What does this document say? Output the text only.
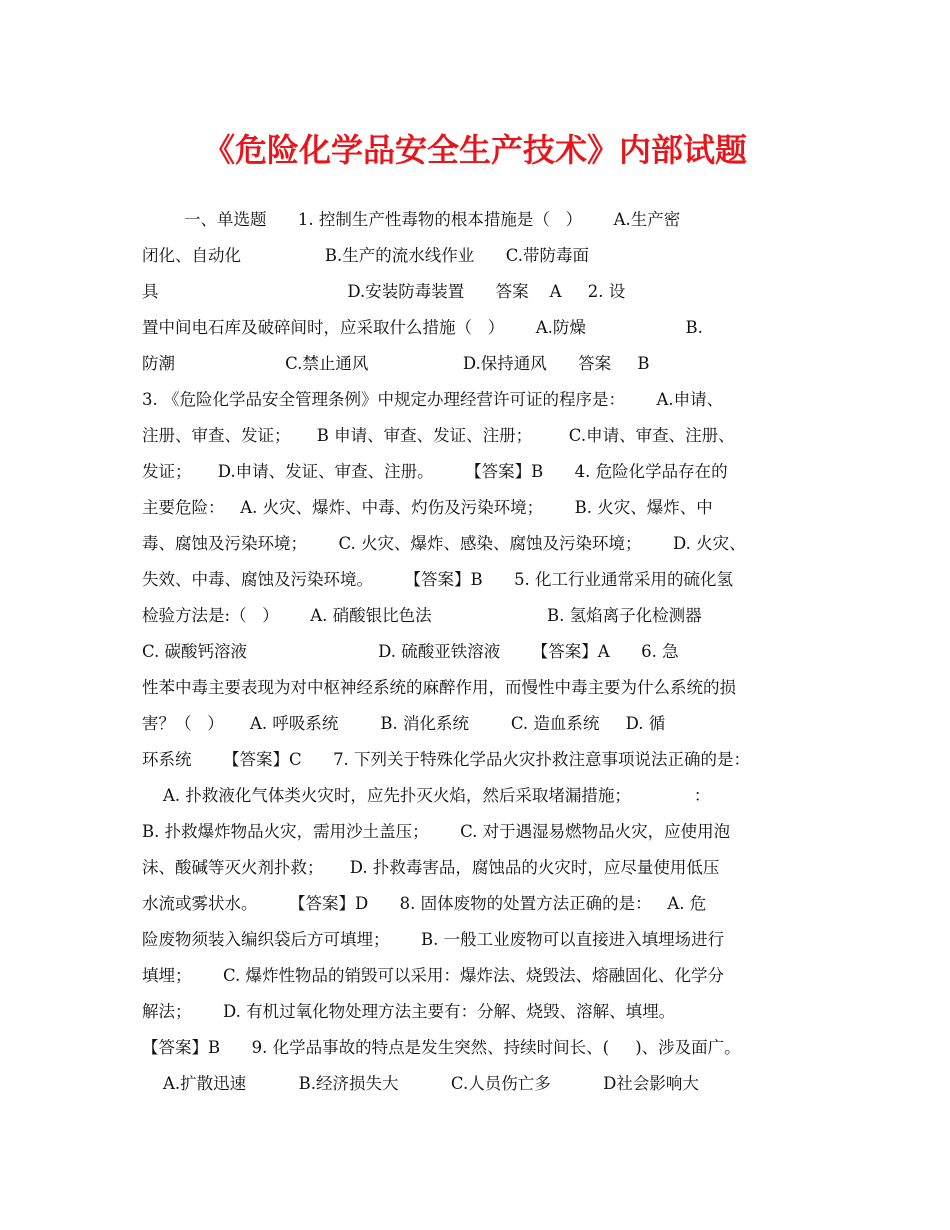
《危险化学品安全生产技术》内部试题
一、单选题      1. 控制生产性毒物的根本措施是（   ）      A.生产密
闭化、自动化                B.生产的流水线作业      C.带防毒面
具                                    D.安装防毒装置      答案    A     2. 设
置中间电石库及破碎间时，应采取什么措施（   ）      A.防燥                   B.
防潮                     C.禁止通风                  D.保持通风      答案     B
3. 《危险化学品安全管理条例》中规定办理经营许可证的程序是：      A.申请、
注册、审查、发证；     B 申请、审查、发证、注册；       C.申请、审查、注册、
发证；     D.申请、发证、审查、注册。      【答案】B      4. 危险化学品存在的
主要危险：   A. 火灾、爆炸、中毒、灼伤及污染环境；      B. 火灾、爆炸、中
毒、腐蚀及污染环境；      C. 火灾、爆炸、感染、腐蚀及污染环境；      D. 火灾、
失效、中毒、腐蚀及污染环境。      【答案】B      5. 化工行业通常采用的硫化氢
检验方法是:（   ）      A. 硝酸银比色法                      B. 氢焰离子化检测器
C. 碳酸钙溶液                         D. 硫酸亚铁溶液      【答案】A      6. 急
性苯中毒主要表现为对中枢神经系统的麻醉作用，而慢性中毒主要为什么系统的损
害？（   ）     A. 呼吸系统        B. 消化系统        C. 造血系统     D. 循
环系统      【答案】C      7. 下列关于特殊化学品火灾扑救注意事项说法正确的是：
A. 扑救液化气体类火灾时，应先扑灭火焰，然后采取堵漏措施；            ：
B. 扑救爆炸物品火灾，需用沙土盖压；      C. 对于遇湿易燃物品火灾，应使用泡
沫、酸碱等灭火剂扑救；     D. 扑救毒害品，腐蚀品的火灾时，应尽量使用低压
水流或雾状水。      【答案】D      8. 固体废物的处置方法正确的是：   A. 危
险废物须装入编织袋后方可填埋；      B. 一般工业废物可以直接进入填埋场进行
填埋；      C. 爆炸性物品的销毁可以采用：爆炸法、烧毁法、熔融固化、化学分
解法；      D. 有机过氧化物处理方法主要有：分解、烧毁、溶解、填埋。
【答案】B      9. 化学品事故的特点是发生突然、持续时间长、(     )、涉及面广。
A.扩散迅速          B.经济损失大          C.人员伤亡多          D社会影响大
